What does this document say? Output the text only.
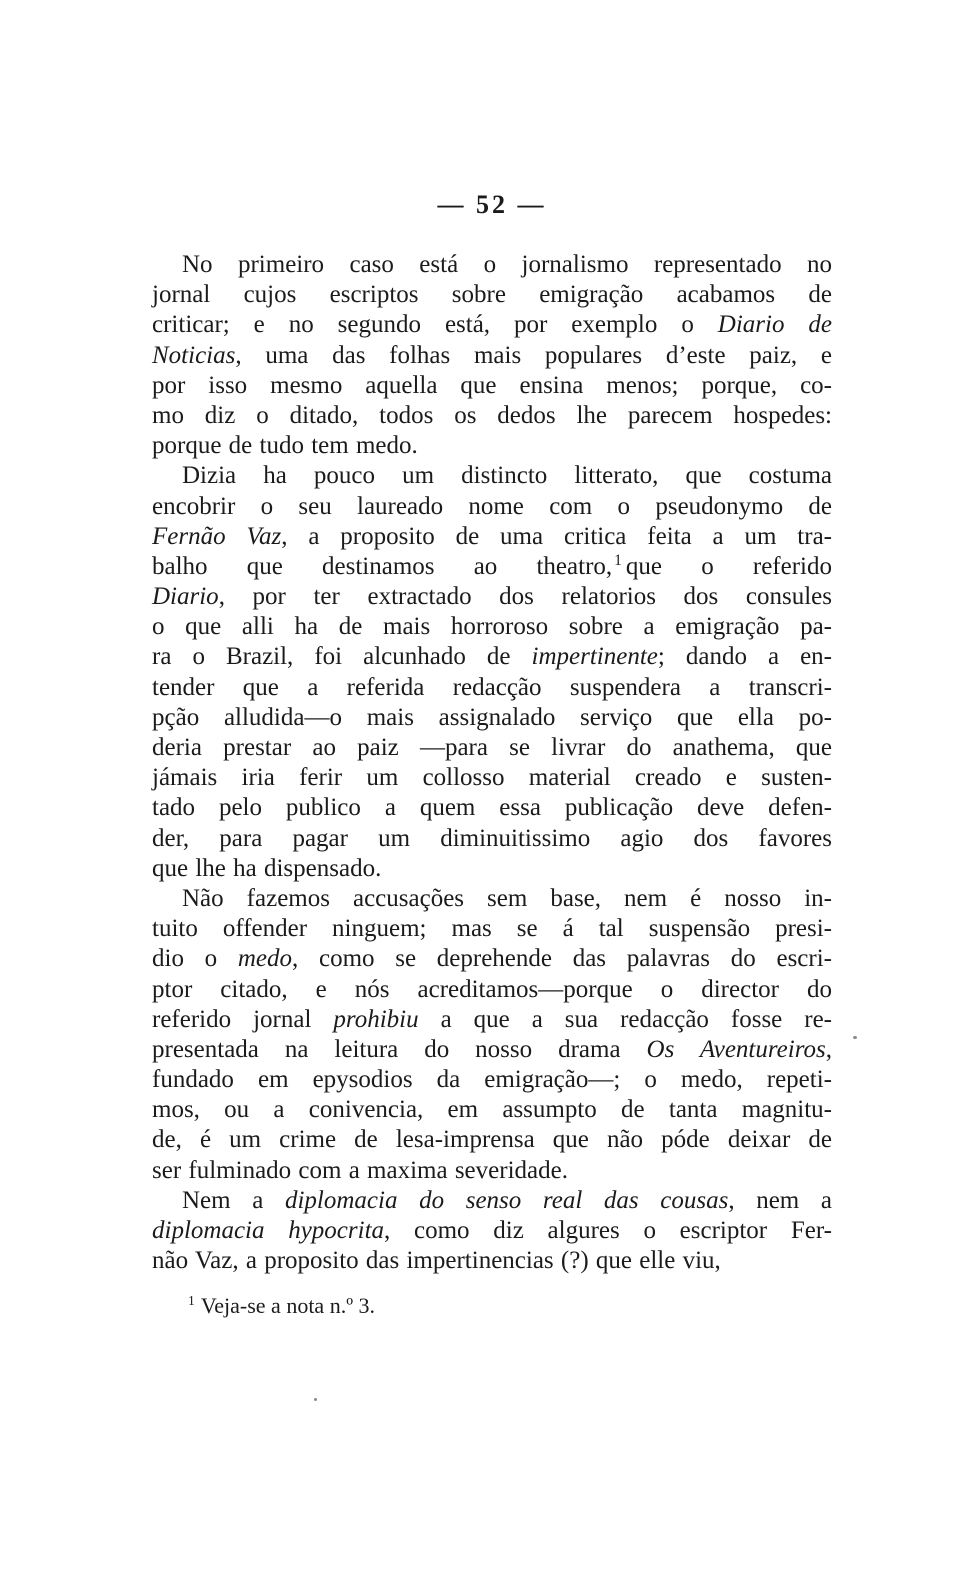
— 52 —
No primeiro caso está o jornalismo representado no
jornal cujos escriptos sobre emigração acabamos de
criticar; e no segundo está, por exemplo o Diario de
Noticias, uma das folhas mais populares d’este paiz, e
por isso mesmo aquella que ensina menos; porque, co-
mo diz o ditado, todos os dedos lhe parecem hospedes:
porque de tudo tem medo.
Dizia ha pouco um distincto litterato, que costuma
encobrir o seu laureado nome com o pseudonymo de
Fernão Vaz, a proposito de uma critica feita a um tra-
balho que destinamos ao theatro, $^1$ que o referido
Diario, por ter extractado dos relatorios dos consules
o que alli ha de mais horroroso sobre a emigração pa-
ra o Brazil, foi alcunhado de impertinente; dando a en-
tender que a referida redacção suspendera a transcri-
pção alludida—o mais assignalado serviço que ella po-
deria prestar ao paiz —para se livrar do anathema, que
jámais iria ferir um collosso material creado e susten-
tado pelo publico a quem essa publicação deve defen-
der, para pagar um diminuitissimo agio dos favores
que lhe ha dispensado.
Não fazemos accusações sem base, nem é nosso in-
tuito offender ninguem; mas se á tal suspensão presi-
dio o medo, como se deprehende das palavras do escri-
ptor citado, e nós acreditamos—porque o director do
referido jornal prohibiu a que a sua redacção fosse re-
presentada na leitura do nosso drama Os Aventureiros,
fundado em epysodios da emigração—; o medo, repeti-
mos, ou a conivencia, em assumpto de tanta magnitu-
de, é um crime de lesa-imprensa que não póde deixar de
ser fulminado com a maxima severidade.
Nem a diplomacia do senso real das cousas, nem a
diplomacia hypocrita, como diz algures o escriptor Fer-
não Vaz, a proposito das impertinencias (?) que elle viu,
$^1$ Veja-se a nota n.º 3.
